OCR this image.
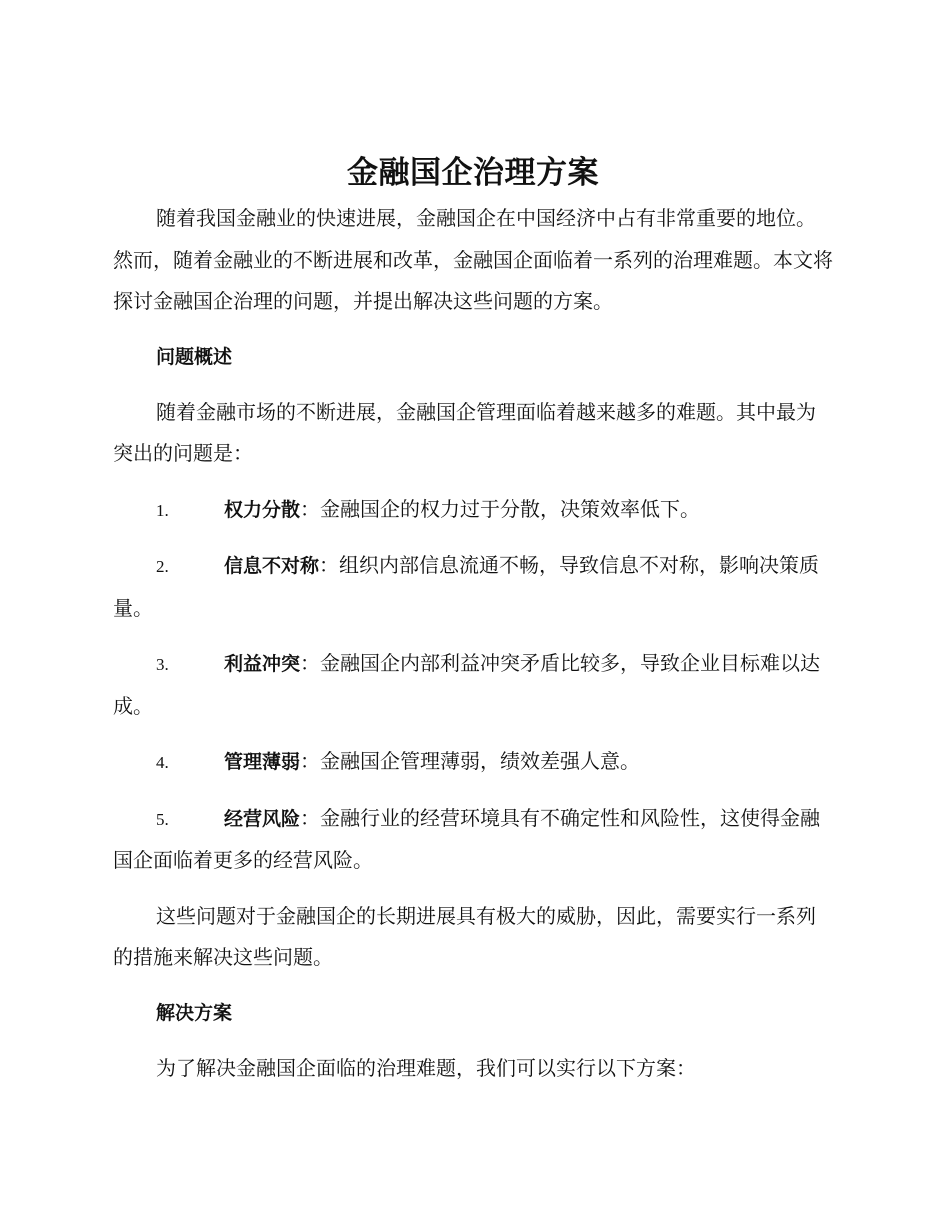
金融国企治理方案

随着我国金融业的快速进展，金融国企在中国经济中占有非常重要的地位。然而，随着金融业的不断进展和改革，金融国企面临着一系列的治理难题。本文将探讨金融国企治理的问题，并提出解决这些问题的方案。

问题概述

随着金融市场的不断进展，金融国企管理面临着越来越多的难题。其中最为突出的问题是：

1.	权力分散：金融国企的权力过于分散，决策效率低下。

2.	信息不对称：组织内部信息流通不畅，导致信息不对称，影响决策质量。

3.	利益冲突：金融国企内部利益冲突矛盾比较多，导致企业目标难以达成。

4.	管理薄弱：金融国企管理薄弱，绩效差强人意。

5.	经营风险：金融行业的经营环境具有不确定性和风险性，这使得金融国企面临着更多的经营风险。

这些问题对于金融国企的长期进展具有极大的威胁，因此，需要实行一系列的措施来解决这些问题。

解决方案

为了解决金融国企面临的治理难题，我们可以实行以下方案：
